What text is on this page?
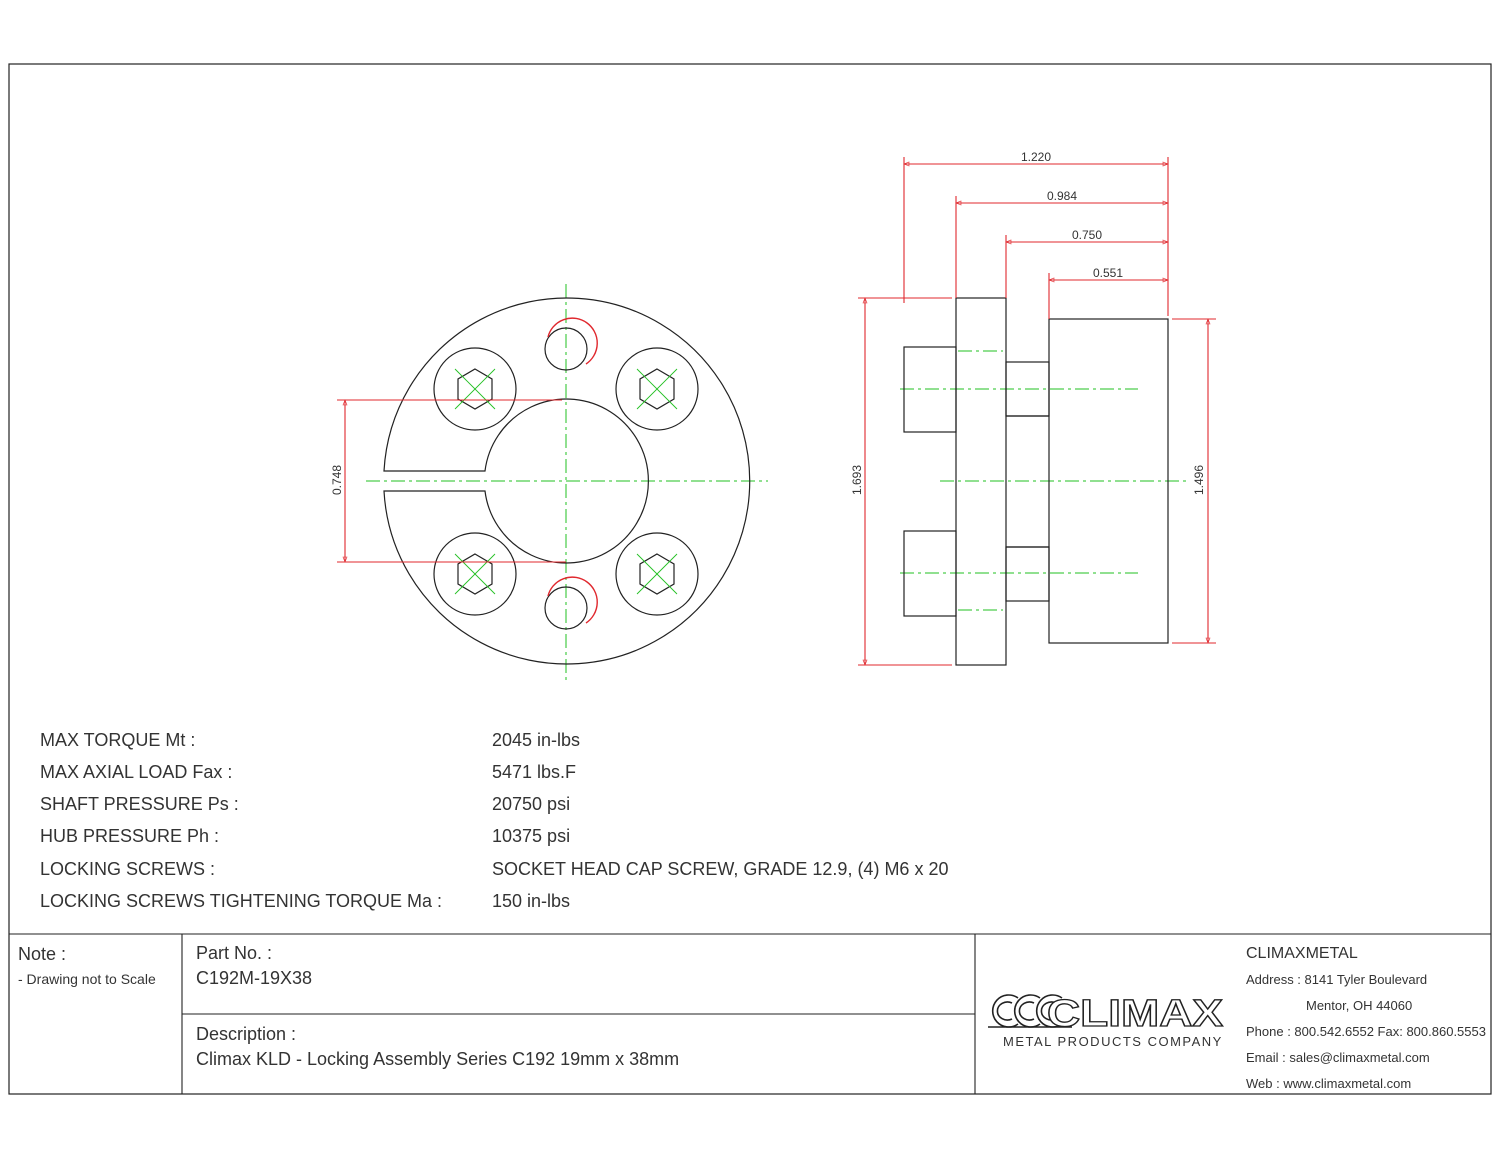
0.748
1.220
0.984
0.750
0.551
1.693	1.496
CLIMAX
MAX TORQUE Mt :	2045 in-lbs
MAX AXIAL LOAD Fax :	5471 lbs.F
SHAFT PRESSURE Ps :	20750 psi
HUB PRESSURE Ph :	10375 psi
LOCKING SCREWS :	SOCKET HEAD CAP SCREW, GRADE 12.9, (4) M6 x 20
LOCKING SCREWS TIGHTENING TORQUE Ma :	150 in-lbs
Note :
- Drawing not to Scale
Part No. :
C192M-19X38
Description :
Climax KLD - Locking Assembly Series C192 19mm x 38mm
METAL PRODUCTS COMPANY
CLIMAXMETAL
Address : 8141 Tyler Boulevard
Mentor, OH 44060
Phone : 800.542.6552 Fax: 800.860.5553
Email : sales@climaxmetal.com
Web : www.climaxmetal.com
